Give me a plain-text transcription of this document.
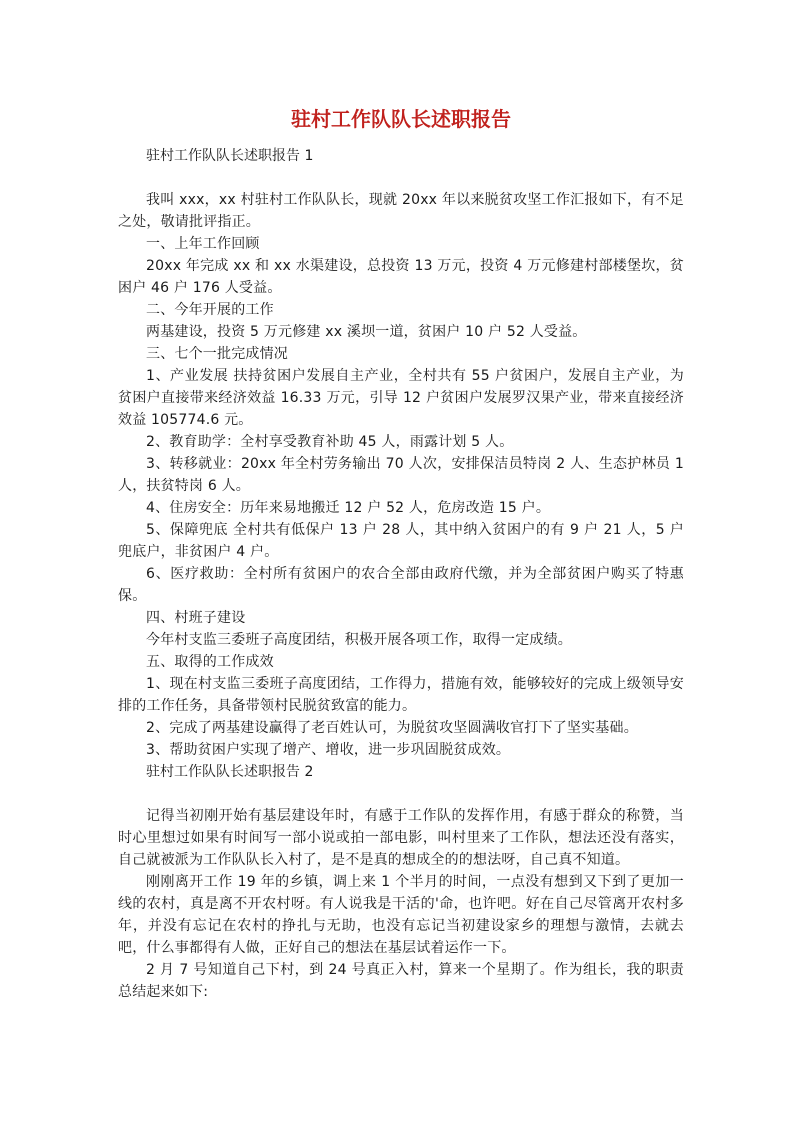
驻村工作队队长述职报告

驻村工作队队长述职报告 1

我叫 xxx，xx 村驻村工作队队长，现就 20xx 年以来脱贫攻坚工作汇报如下，有不足之处，敬请批评指正。

一、上年工作回顾

20xx 年完成 xx 和 xx 水渠建设，总投资 13 万元，投资 4 万元修建村部楼堡坎，贫困户 46 户 176 人受益。

二、今年开展的工作

两基建设，投资 5 万元修建 xx 溪坝一道，贫困户 10 户 52 人受益。

三、七个一批完成情况

1、产业发展 扶持贫困户发展自主产业，全村共有 55 户贫困户，发展自主产业，为贫困户直接带来经济效益 16.33 万元，引导 12 户贫困户发展罗汉果产业，带来直接经济效益 105774.6 元。

2、教育助学：全村享受教育补助 45 人，雨露计划 5 人。

3、转移就业：20xx 年全村劳务输出 70 人次，安排保洁员特岗 2 人、生态护林员 1 人，扶贫特岗 6 人。

4、住房安全：历年来易地搬迁 12 户 52 人，危房改造 15 户。

5、保障兜底 全村共有低保户 13 户 28 人，其中纳入贫困户的有 9 户 21 人，5 户兜底户，非贫困户 4 户。

6、医疗救助：全村所有贫困户的农合全部由政府代缴，并为全部贫困户购买了特惠保。

四、村班子建设

今年村支监三委班子高度团结，积极开展各项工作，取得一定成绩。

五、取得的工作成效

1、现在村支监三委班子高度团结，工作得力，措施有效，能够较好的完成上级领导安排的工作任务，具备带领村民脱贫致富的能力。

2、完成了两基建设赢得了老百姓认可，为脱贫攻坚圆满收官打下了坚实基础。

3、帮助贫困户实现了增产、增收，进一步巩固脱贫成效。

驻村工作队队长述职报告 2

记得当初刚开始有基层建设年时，有感于工作队的发挥作用，有感于群众的称赞，当时心里想过如果有时间写一部小说或拍一部电影，叫村里来了工作队，想法还没有落实，自己就被派为工作队队长入村了，是不是真的想成全的的想法呀，自己真不知道。

刚刚离开工作 19 年的乡镇，调上来 1 个半月的时间，一点没有想到又下到了更加一线的农村，真是离不开农村呀。有人说我是干活的'命，也许吧。好在自己尽管离开农村多年，并没有忘记在农村的挣扎与无助，也没有忘记当初建设家乡的理想与激情，去就去吧，什么事都得有人做，正好自己的想法在基层试着运作一下。

2 月 7 号知道自己下村，到 24 号真正入村，算来一个星期了。作为组长，我的职责总结起来如下:
